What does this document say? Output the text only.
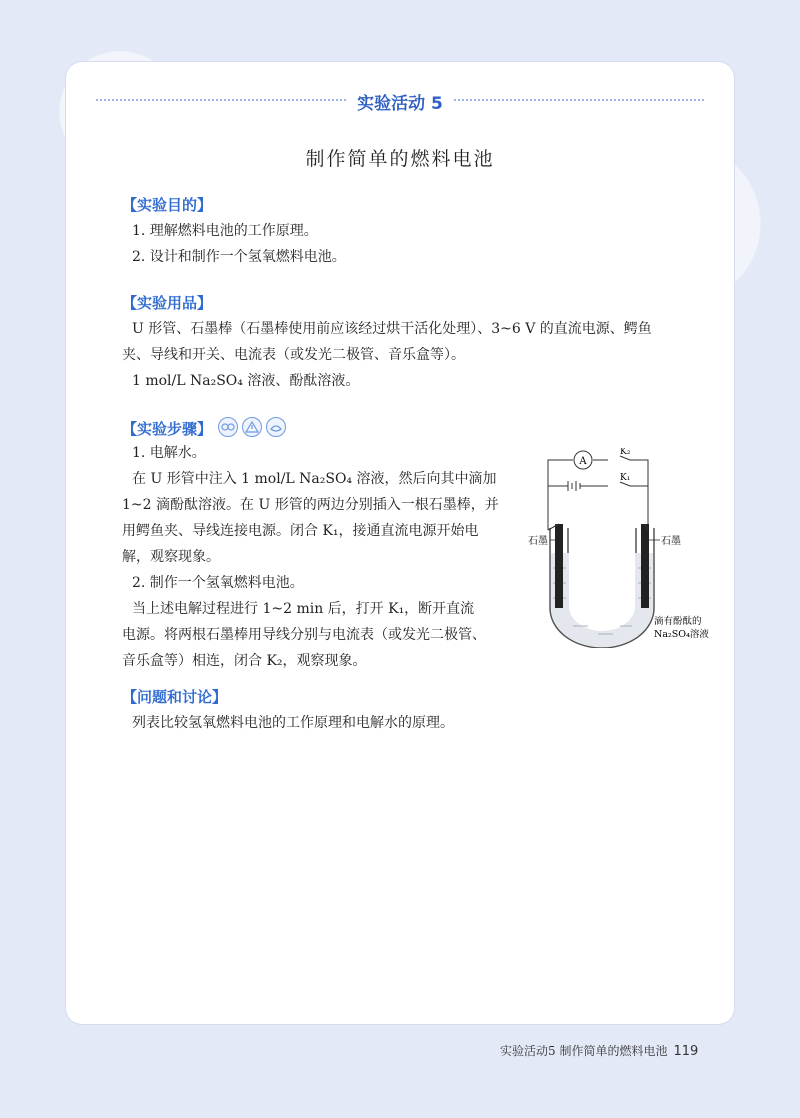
实验活动 5
制作简单的燃料电池
【实验目的】
1. 理解燃料电池的工作原理。
2. 设计和制作一个氢氧燃料电池。
【实验用品】
U 形管、石墨棒（石墨棒使用前应该经过烘干活化处理）、3~6 V 的直流电源、鳄鱼
夹、导线和开关、电流表（或发光二极管、音乐盒等）。
1 mol/L Na₂SO₄ 溶液、酚酞溶液。
【实验步骤】
1. 电解水。
在 U 形管中注入 1 mol/L Na₂SO₄ 溶液，然后向其中滴加
1~2 滴酚酞溶液。在 U 形管的两边分别插入一根石墨棒，并
用鳄鱼夹、导线连接电源。闭合 K₁，接通直流电源开始电
解，观察现象。
2. 制作一个氢氧燃料电池。
当上述电解过程进行 1~2 min 后，打开 K₁，断开直流
电源。将两根石墨棒用导线分别与电流表（或发光二极管、
音乐盒等）相连，闭合 K₂，观察现象。
A
K₂
K₁
石墨	石墨
滴有酚酞的
Na₂SO₄溶液
【问题和讨论】
列表比较氢氧燃料电池的工作原理和电解水的原理。
实验活动5 制作简单的燃料电池 119
